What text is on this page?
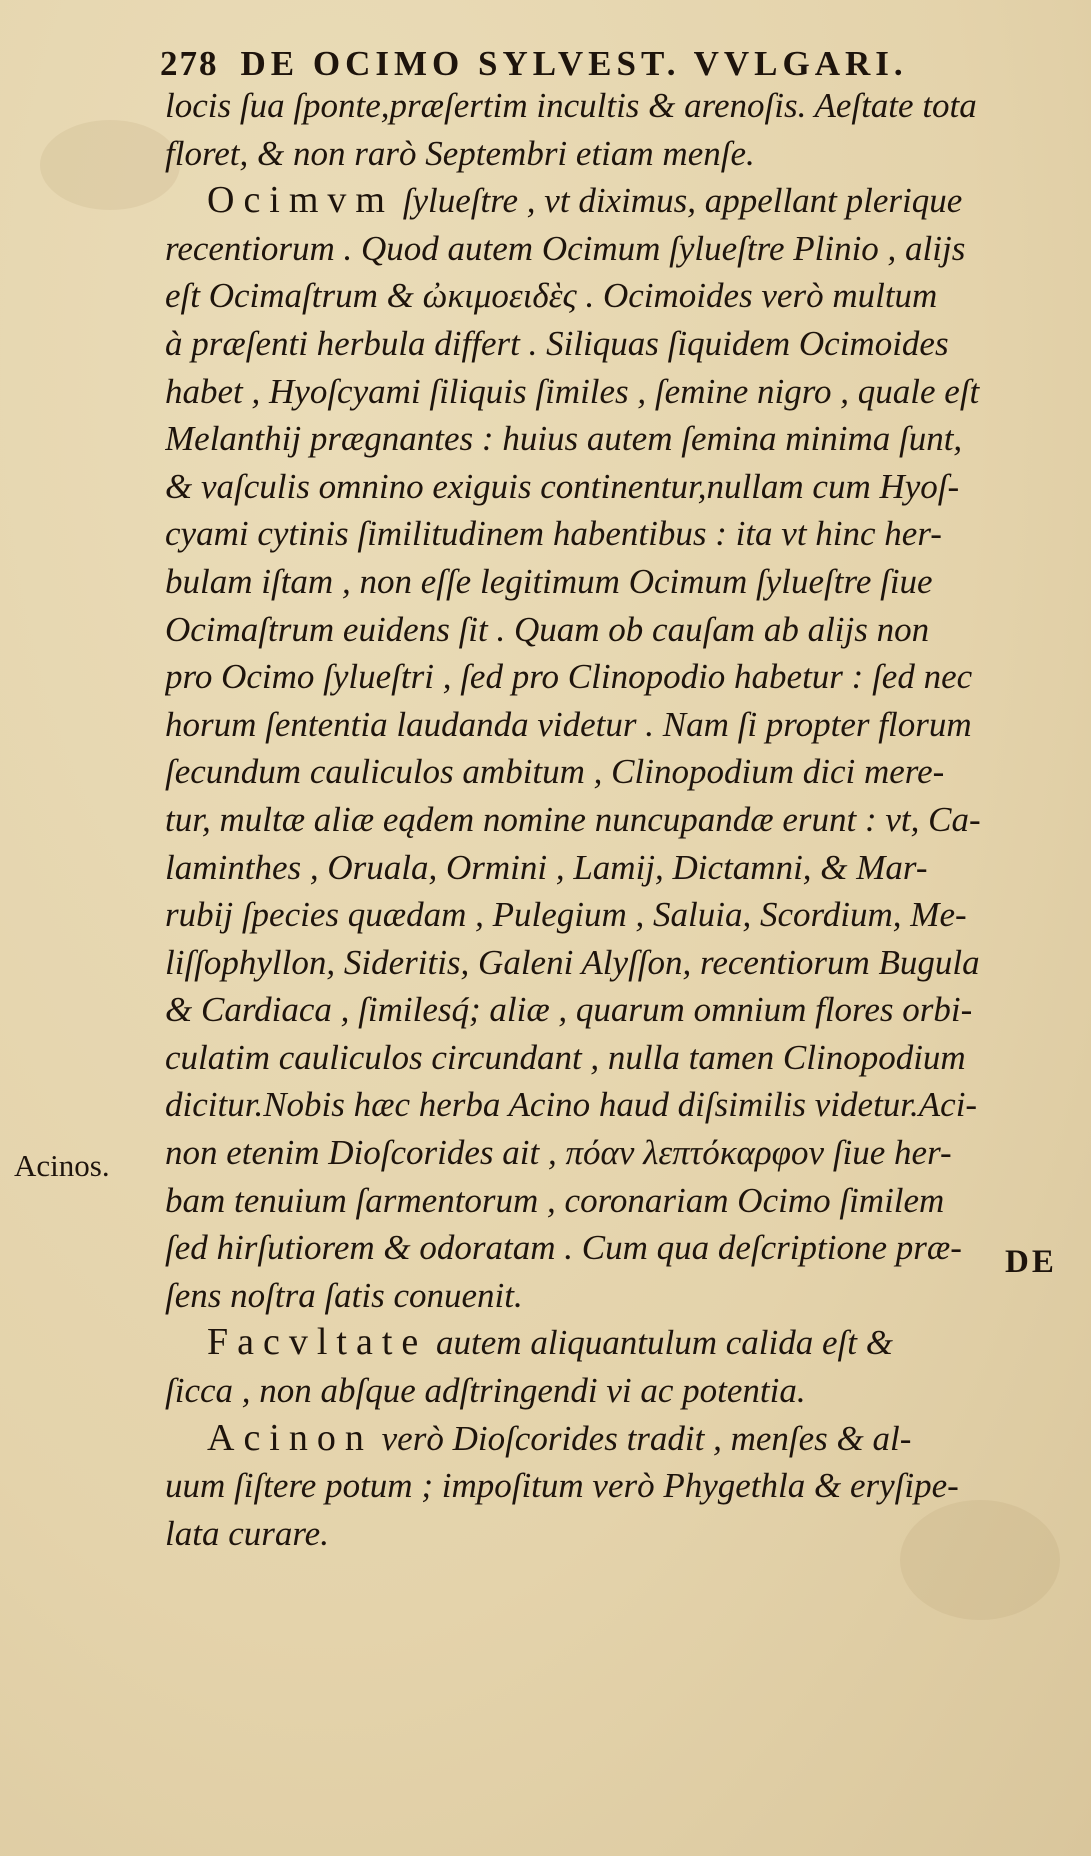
278 DE OCIMO SYLVEST. VVLGARI.
locis ſua ſponte,præſertim incultis & arenoſis. Aeſtate tota
floret, & non rarò Septembri etiam menſe.
Ocimvm ſylueſtre , vt diximus, appellant plerique
recentiorum . Quod autem Ocimum ſylueſtre Plinio , alijs
eſt Ocimaſtrum & ὠκιμοειδὲς . Ocimoides verò multum
à præſenti herbula differt . Siliquas ſiquidem Ocimoides
habet , Hyoſcyami ſiliquis ſimiles , ſemine nigro , quale eſt
Melanthij prægnantes : huius autem ſemina minima ſunt,
& vaſculis omnino exiguis continentur,nullam cum Hyoſ-
cyami cytinis ſimilitudinem habentibus : ita vt hinc her-
bulam iſtam , non eſſe legitimum Ocimum ſylueſtre ſiue
Ocimaſtrum euidens ſit . Quam ob cauſam ab alijs non
pro Ocimo ſylueſtri , ſed pro Clinopodio habetur : ſed nec
horum ſententia laudanda videtur . Nam ſi propter florum
ſecundum cauliculos ambitum , Clinopodium dici mere-
tur, multæ aliæ eądem nomine nuncupandæ erunt : vt, Ca-
laminthes , Oruala, Ormini , Lamij, Dictamni, & Mar-
rubij ſpecies quædam , Pulegium , Saluia, Scordium, Me-
liſſophyllon, Sideritis, Galeni Alyſſon, recentiorum Bugula
& Cardiaca , ſimilesq́; aliæ , quarum omnium flores orbi-
culatim cauliculos circundant , nulla tamen Clinopodium
dicitur.Nobis hæc herba Acino haud diſsimilis videtur.Aci-
non etenim Dioſcorides ait , πόαν λεπτόκαρφον ſiue her-
bam tenuium ſarmentorum , coronariam Ocimo ſimilem
ſed hirſutiorem & odoratam . Cum qua deſcriptione præ-
ſens noſtra ſatis conuenit.
Facvltate autem aliquantulum calida eſt &
ſicca , non abſque adſtringendi vi ac potentia.
Acinon verò Dioſcorides tradit , menſes & al-
uum ſiſtere potum ; impoſitum verò Phygethla & eryſipe-
lata curare.
Acinos.
DE
